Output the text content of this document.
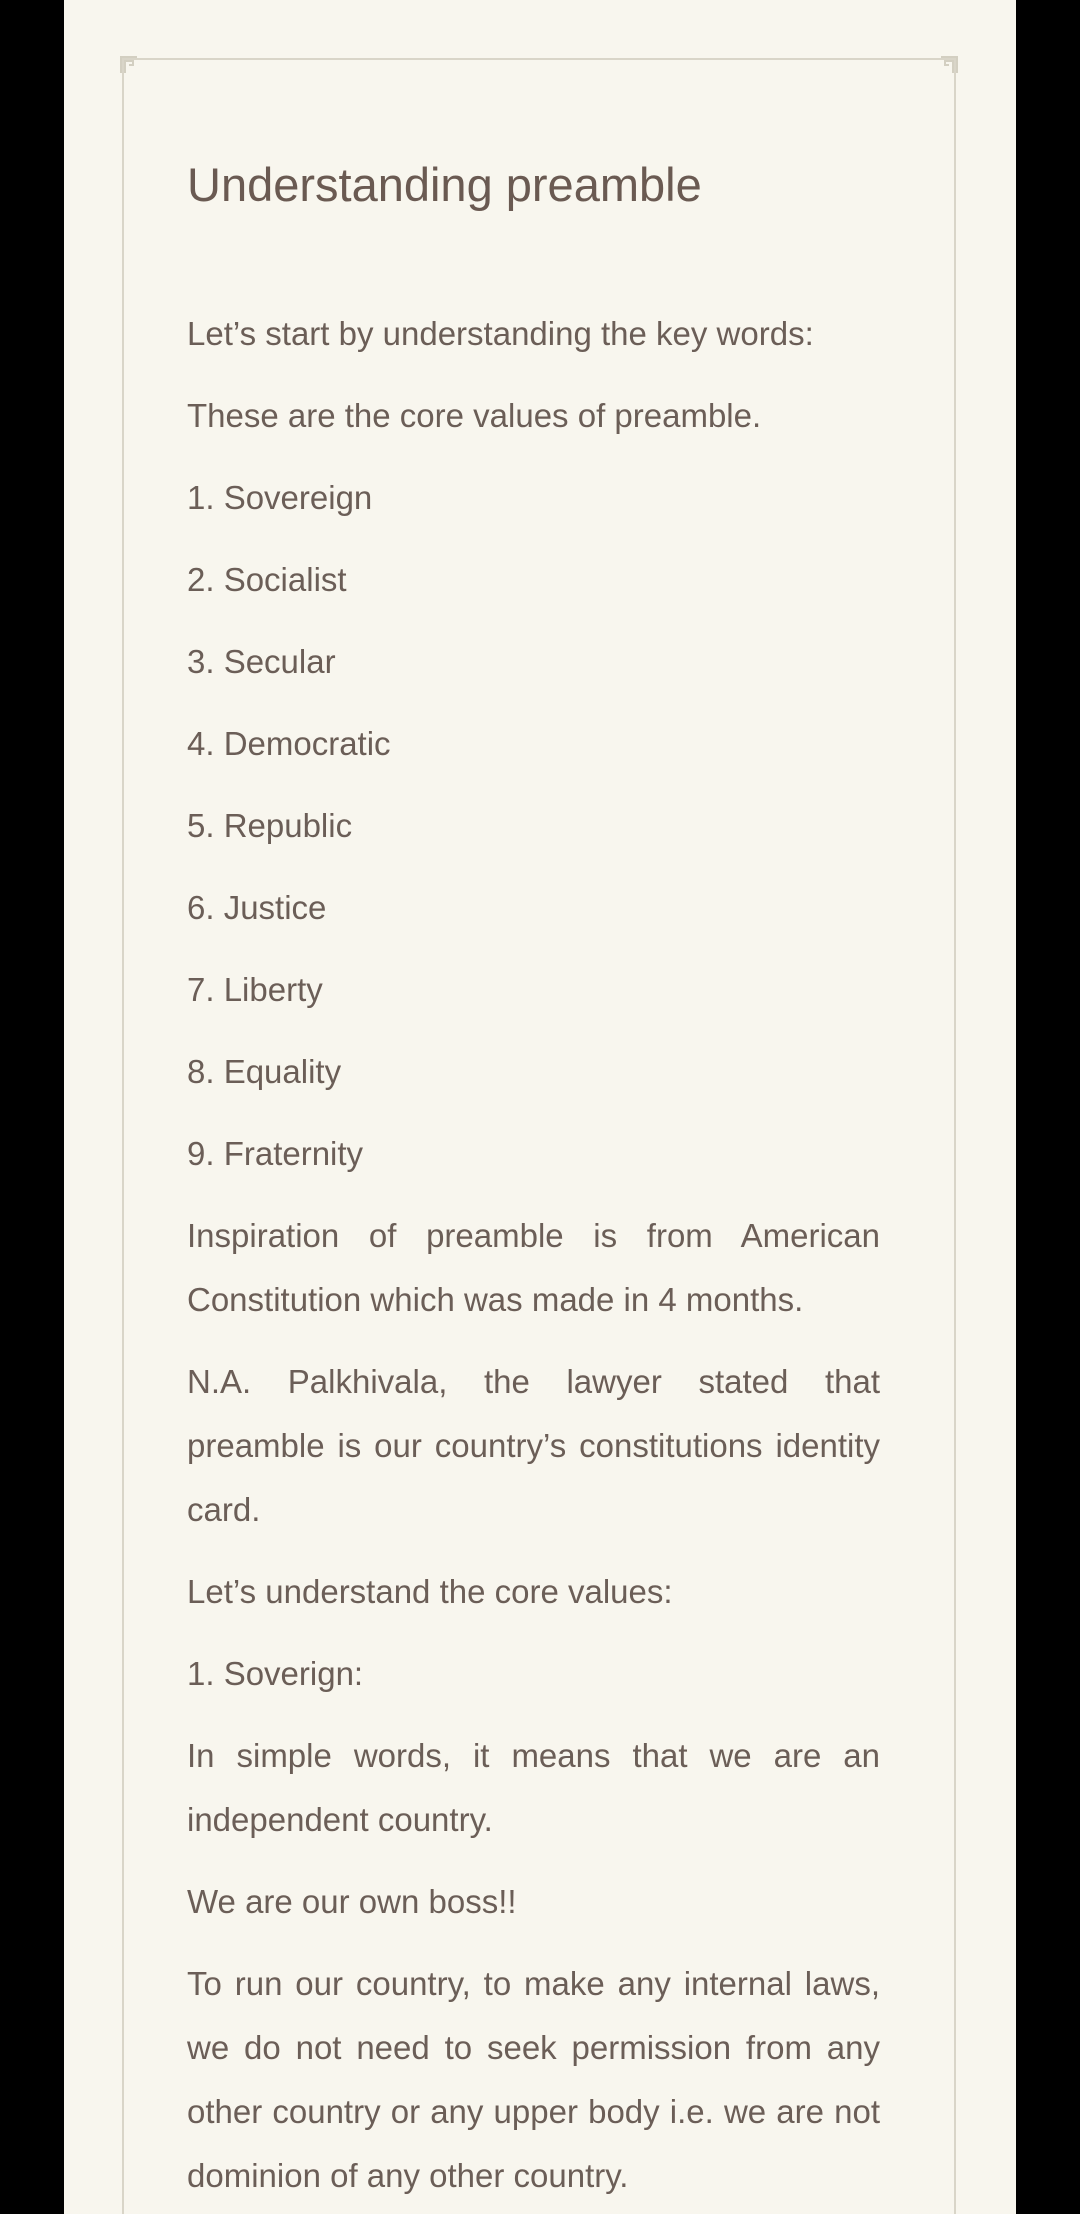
Understanding preamble

Let’s start by understanding the key words:

These are the core values of preamble.

1. Sovereign

2. Socialist

3. Secular

4. Democratic

5. Republic

6. Justice

7. Liberty

8. Equality

9. Fraternity

Inspiration of preamble is from American Constitution which was made in 4 months.

N.A. Palkhivala, the lawyer stated that preamble is our country’s constitutions identity card.

Let’s understand the core values:

1. Soverign:

In simple words, it means that we are an independent country.

We are our own boss!!

To run our country, to make any internal laws, we do not need to seek permission from any other country or any upper body i.e. we are not dominion of any other country.
